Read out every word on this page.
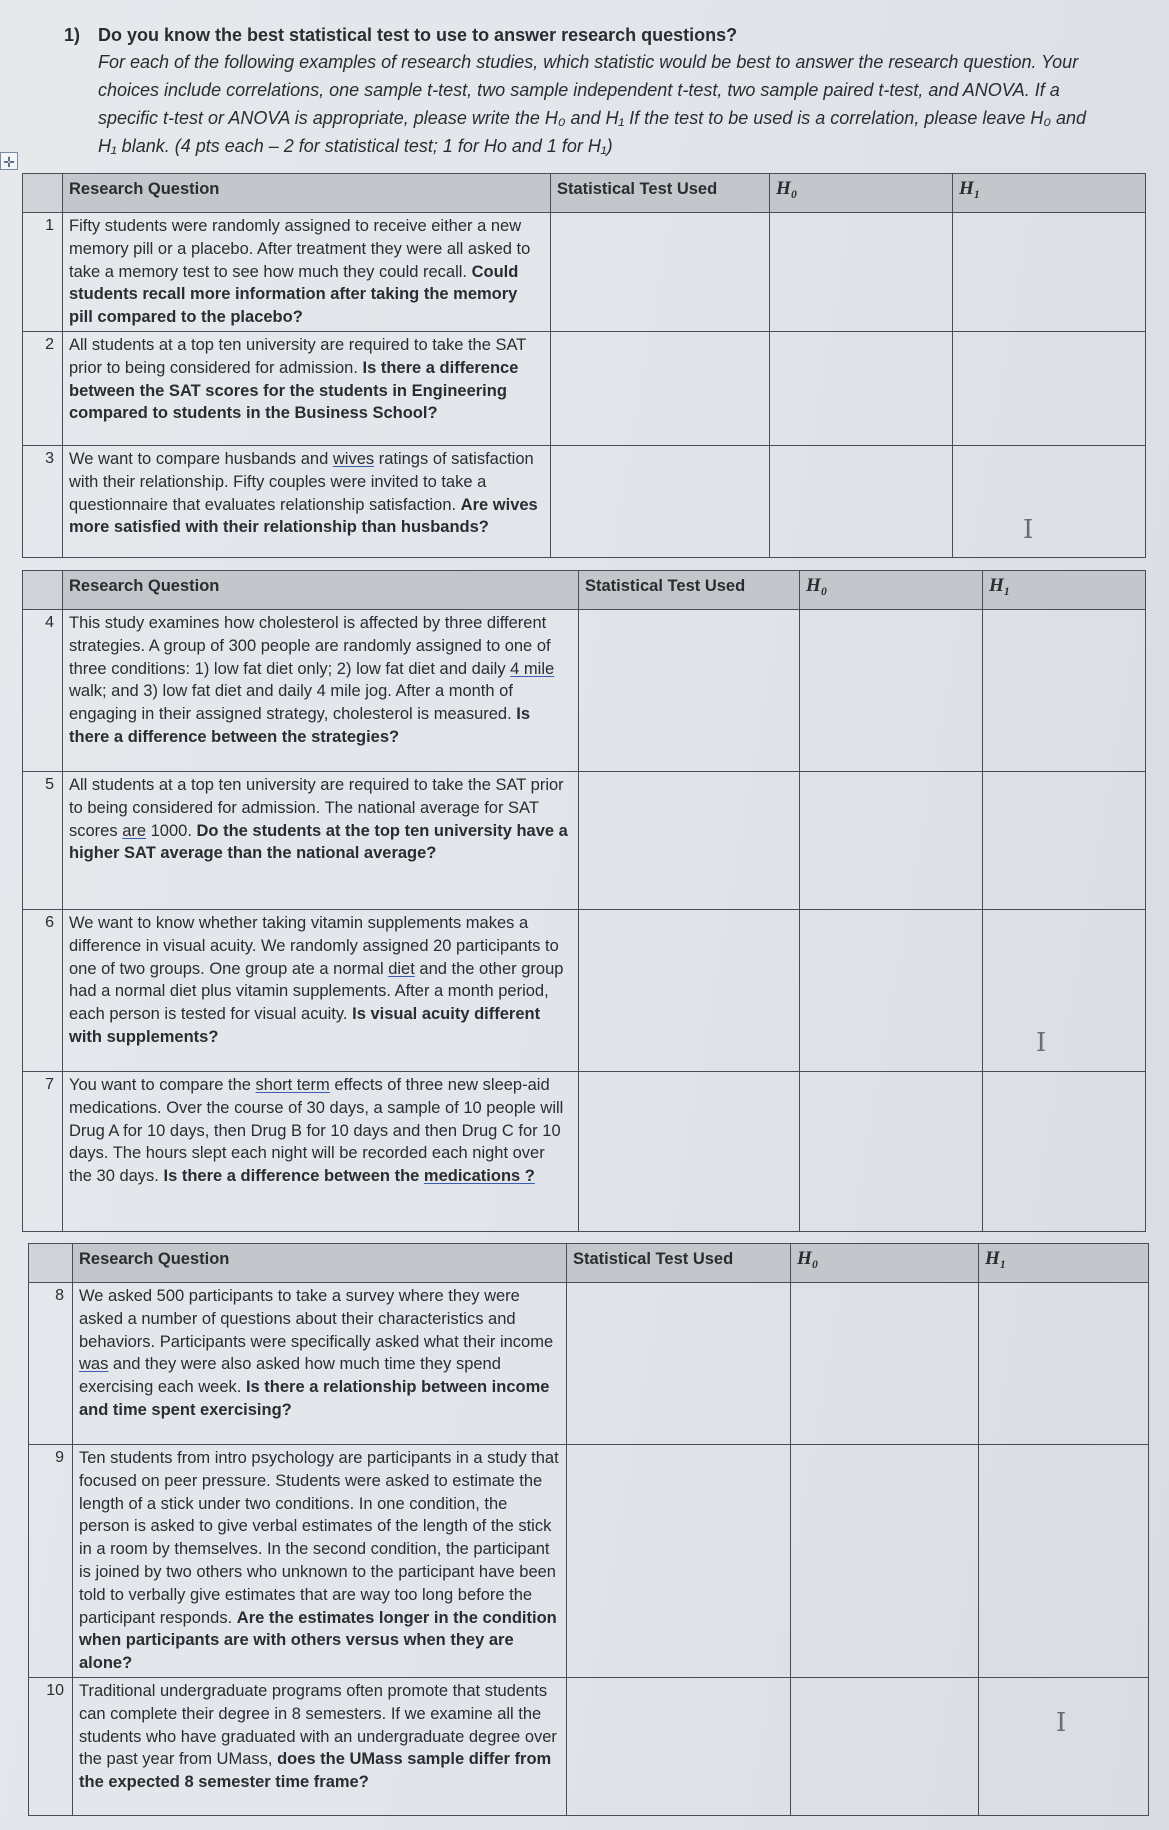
1) Do you know the best statistical test to use to answer research questions?
For each of the following examples of research studies, which statistic would be best to answer the research question. Your
choices include correlations, one sample t-test, two sample independent t-test, two sample paired t-test, and ANOVA. If a
specific t-test or ANOVA is appropriate, please write the H₀ and H₁ If the test to be used is a correlation, please leave H₀ and
H₁ blank. (4 pts each – 2 for statistical test; 1 for Ho and 1 for H₁)
✛
	Research Question	Statistical Test Used	H₀	H₁
1	Fifty students were randomly assigned to receive either a new memory pill or a placebo. After treatment they were all asked to take a memory test to see how much they could recall. Could students recall more information after taking the memory pill compared to the placebo?			
2	All students at a top ten university are required to take the SAT prior to being considered for admission. Is there a difference between the SAT scores for the students in Engineering compared to students in the Business School?			
3	We want to compare husbands and wives ratings of satisfaction with their relationship. Fifty couples were invited to take a questionnaire that evaluates relationship satisfaction. Are wives more satisfied with their relationship than husbands?			
	Research Question	Statistical Test Used	H₀	H₁
4	This study examines how cholesterol is affected by three different strategies. A group of 300 people are randomly assigned to one of three conditions: 1) low fat diet only; 2) low fat diet and daily 4 mile walk; and 3) low fat diet and daily 4 mile jog. After a month of engaging in their assigned strategy, cholesterol is measured. Is there a difference between the strategies?			
5	All students at a top ten university are required to take the SAT prior to being considered for admission. The national average for SAT scores are 1000. Do the students at the top ten university have a higher SAT average than the national average?			
6	We want to know whether taking vitamin supplements makes a difference in visual acuity. We randomly assigned 20 participants to one of two groups. One group ate a normal diet and the other group had a normal diet plus vitamin supplements. After a month period, each person is tested for visual acuity. Is visual acuity different with supplements?			
7	You want to compare the short term effects of three new sleep-aid medications. Over the course of 30 days, a sample of 10 people will Drug A for 10 days, then Drug B for 10 days and then Drug C for 10 days. The hours slept each night will be recorded each night over the 30 days. Is there a difference between the medications ?			
	Research Question	Statistical Test Used	H₀	H₁
8	We asked 500 participants to take a survey where they were asked a number of questions about their characteristics and behaviors. Participants were specifically asked what their income was and they were also asked how much time they spend exercising each week. Is there a relationship between income and time spent exercising?			
9	Ten students from intro psychology are participants in a study that focused on peer pressure. Students were asked to estimate the length of a stick under two conditions. In one condition, the person is asked to give verbal estimates of the length of the stick in a room by themselves. In the second condition, the participant is joined by two others who unknown to the participant have been told to verbally give estimates that are way too long before the participant responds. Are the estimates longer in the condition when participants are with others versus when they are alone?			
10	Traditional undergraduate programs often promote that students can complete their degree in 8 semesters. If we examine all the students who have graduated with an undergraduate degree over the past year from UMass, does the UMass sample differ from the expected 8 semester time frame?			
I
I
I
